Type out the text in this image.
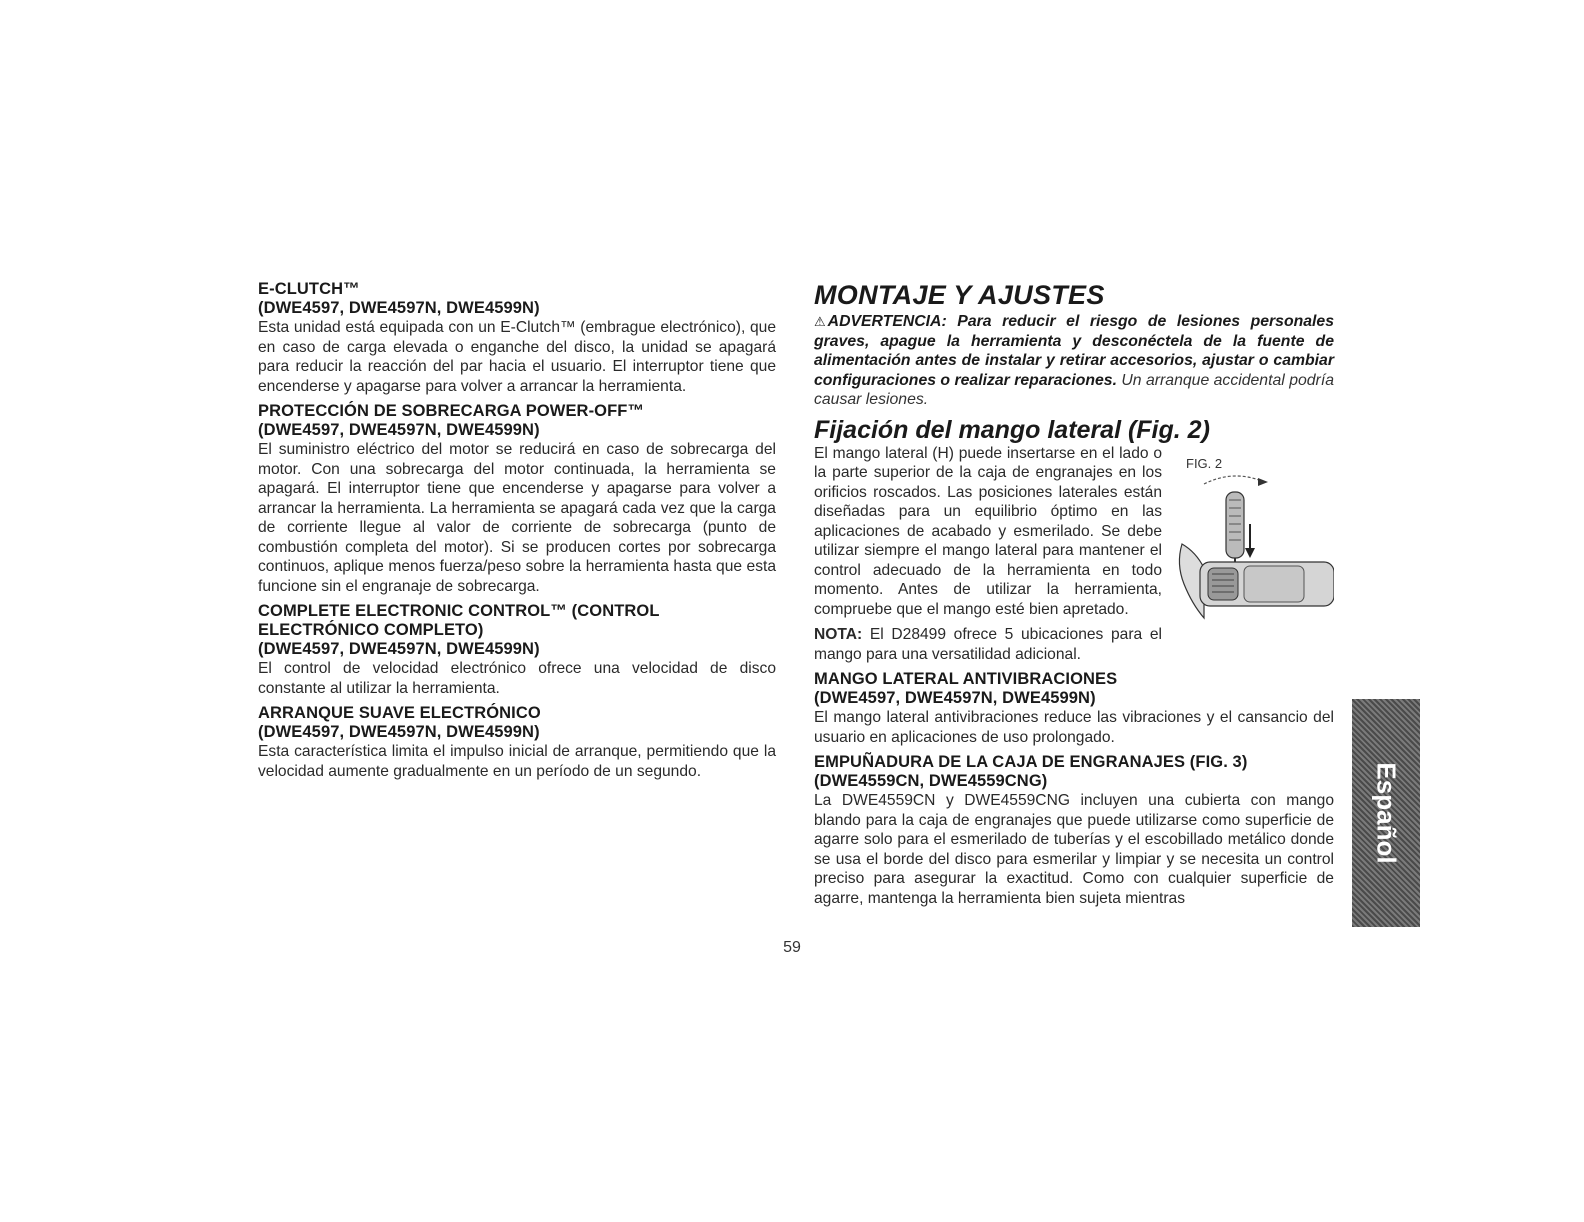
E-CLUTCH™

(DWE4597, DWE4597N, DWE4599N)

Esta unidad está equipada con un E-Clutch™ (embrague electrónico), que en caso de carga elevada o enganche del disco, la unidad se apagará para reducir la reacción del par hacia el usuario. El interruptor tiene que encenderse y apagarse para volver a arrancar la herramienta.

PROTECCIÓN DE SOBRECARGA POWER-OFF™

(DWE4597, DWE4597N, DWE4599N)

El suministro eléctrico del motor se reducirá en caso de sobrecarga del motor. Con una sobrecarga del motor continuada, la herramienta se apagará. El interruptor tiene que encenderse y apagarse para volver a arrancar la herramienta. La herramienta se apagará cada vez que la carga de corriente llegue al valor de corriente de sobrecarga (punto de combustión completa del motor). Si se producen cortes por sobrecarga continuos, aplique menos fuerza/peso sobre la herramienta hasta que esta funcione sin el engranaje de sobrecarga.

COMPLETE ELECTRONIC CONTROL™ (CONTROL ELECTRÓNICO COMPLETO)

(DWE4597, DWE4597N, DWE4599N)

El control de velocidad electrónico ofrece una velocidad de disco constante al utilizar la herramienta.

ARRANQUE SUAVE ELECTRÓNICO

(DWE4597, DWE4597N, DWE4599N)

Esta característica limita el impulso inicial de arranque, permitiendo que la velocidad aumente gradualmente en un período de un segundo.

MONTAJE Y AJUSTES

⚠ ADVERTENCIA: Para reducir el riesgo de lesiones personales graves, apague la herramienta y desconéctela de la fuente de alimentación antes de instalar y retirar accesorios, ajustar o cambiar configuraciones o realizar reparaciones. Un arranque accidental podría causar lesiones.

Fijación del mango lateral (Fig. 2)

El mango lateral (H) puede insertarse en el lado o la parte superior de la caja de engranajes en los orificios roscados. Las posiciones laterales están diseñadas para un equilibrio óptimo en las aplicaciones de acabado y esmerilado. Se debe utilizar siempre el mango lateral para mantener el control adecuado de la herramienta en todo momento. Antes de utilizar la herramienta, compruebe que el mango esté bien apretado.

NOTA: El D28499 ofrece 5 ubicaciones para el mango para una versatilidad adicional.

FIG. 2

MANGO LATERAL ANTIVIBRACIONES

(DWE4597, DWE4597N, DWE4599N)

El mango lateral antivibraciones reduce las vibraciones y el cansancio del usuario en aplicaciones de uso prolongado.

EMPUÑADURA DE LA CAJA DE ENGRANAJES (FIG. 3)

(DWE4559CN, DWE4559CNG)

La DWE4559CN y DWE4559CNG incluyen una cubierta con mango blando para la caja de engranajes que puede utilizarse como superficie de agarre solo para el esmerilado de tuberías y el escobillado metálico donde se usa el borde del disco para esmerilar y limpiar y se necesita un control preciso para asegurar la exactitud. Como con cualquier superficie de agarre, mantenga la herramienta bien sujeta mientras

Español
59
